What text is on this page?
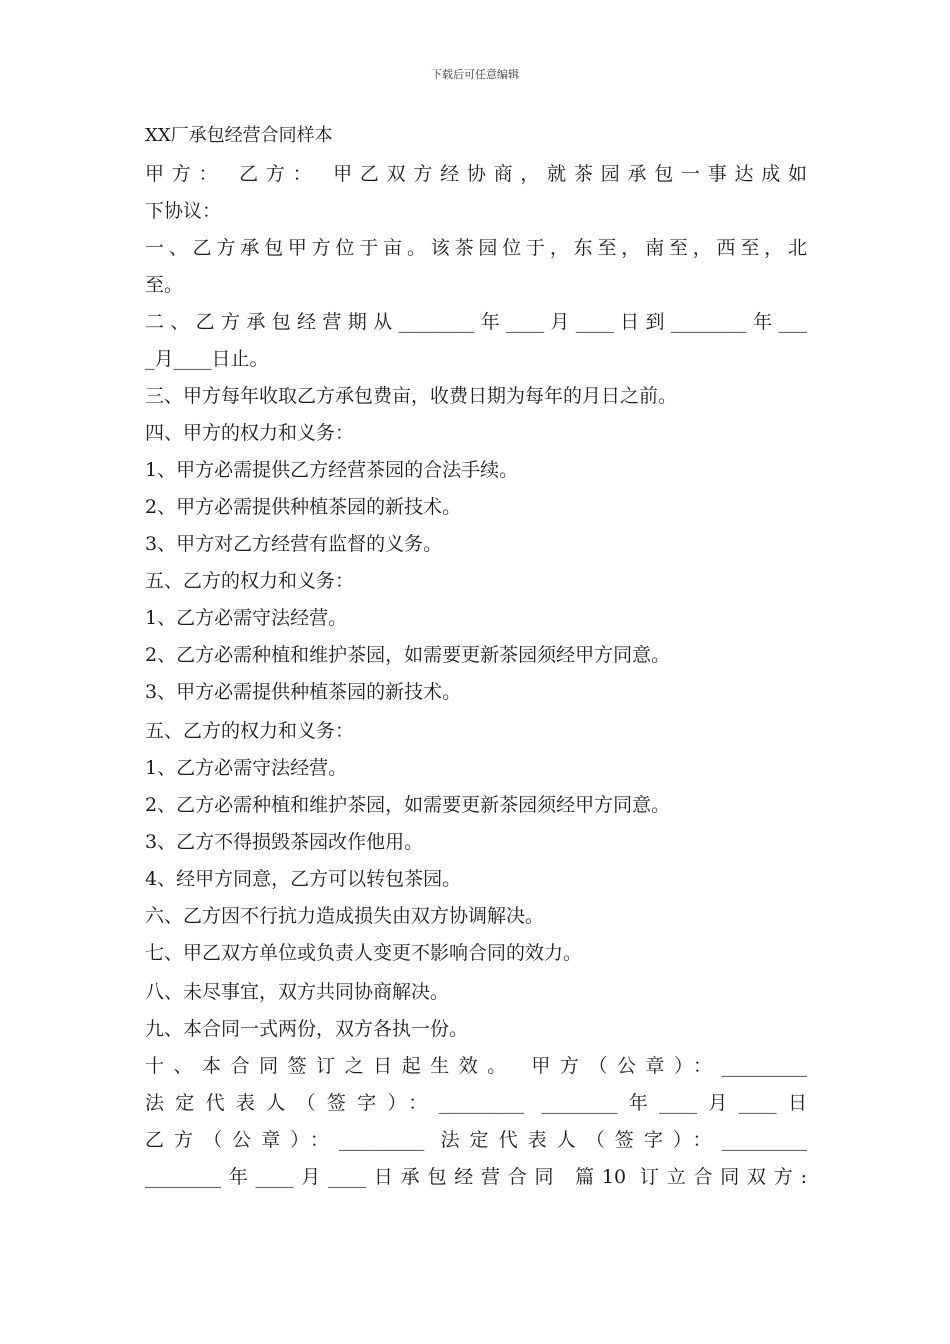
下载后可任意编辑
XX厂承包经营合同样本
甲方： 乙方： 甲乙双方经协商，就茶园承包一事达成如
下协议：
一、乙方承包甲方位于亩。该茶园位于，东至，南至，西至，北
至。
二、乙方承包经营期从________年____月____日到________年___
_月____日止。
三、甲方每年收取乙方承包费亩，收费日期为每年的月日之前。
四、甲方的权力和义务：
1、甲方必需提供乙方经营茶园的合法手续。
2、甲方必需提供种植茶园的新技术。
3、甲方对乙方经营有监督的义务。
五、乙方的权力和义务：
1、乙方必需守法经营。
2、乙方必需种植和维护茶园，如需要更新茶园须经甲方同意。
3、甲方必需提供种植茶园的新技术。
五、乙方的权力和义务：
1、乙方必需守法经营。
2、乙方必需种植和维护茶园，如需要更新茶园须经甲方同意。
3、乙方不得损毁茶园改作他用。
4、经甲方同意，乙方可以转包茶园。
六、乙方因不行抗力造成损失由双方协调解决。
七、甲乙双方单位或负责人变更不影响合同的效力。
八、未尽事宜，双方共同协商解决。
九、本合同一式两份，双方各执一份。
十、本合同签订之日起生效。 甲方（公章）：_________
法定代表人（签字）：_________ ________年____月____日
乙方（公章）：_________ 法定代表人（签字）：_________
________年____月____日承包经营合同 篇10 订立合同双方:
